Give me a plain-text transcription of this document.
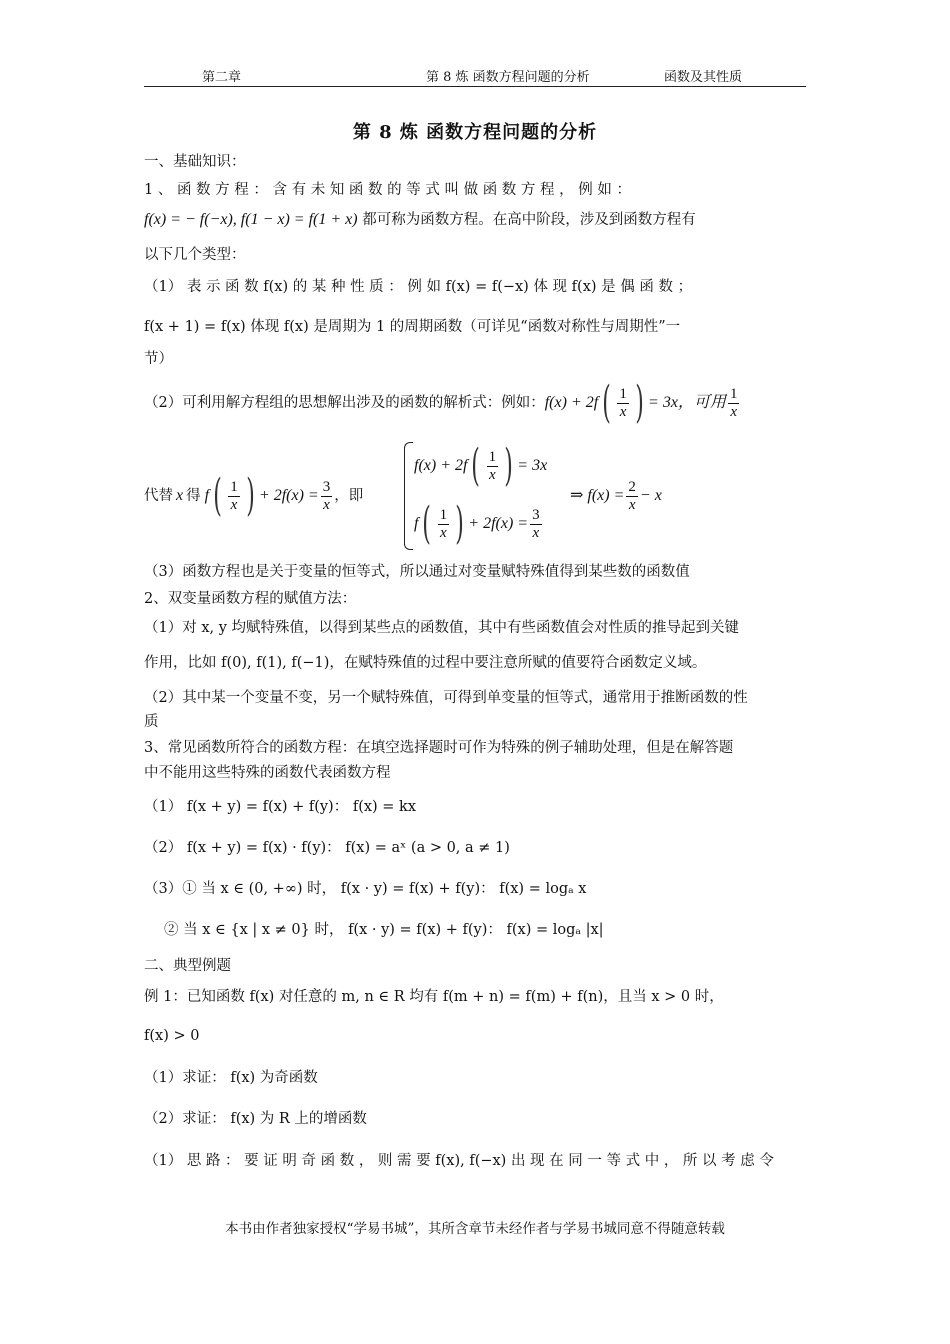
第二章	第 8 炼 函数方程问题的分析	函数及其性质
第 8 炼 函数方程问题的分析
一、基础知识：
1 、 函 数 方 程 ： 含 有 未 知 函 数 的 等 式 叫 做 函 数 方 程 ， 例 如 ：
f(x) = − f(−x), f(1 − x) = f(1 + x) 都可称为函数方程。在高中阶段，涉及到函数方程有
以下几个类型：
（1） 表 示 函 数 f(x) 的 某 种 性 质 ： 例 如 f(x) = f(−x) 体 现 f(x) 是 偶 函 数 ；
f(x + 1) = f(x) 体现 f(x) 是周期为 1 的周期函数（可详见“函数对称性与周期性”一
节）
（2）可利用解方程组的思想解出涉及的函数的解析式：例如： f(x) + 2f ( $\frac{1}{x}$ ) = 3x，可用 $\frac{1}{x}$
代替 x 得 f ( $\frac{1}{x}$ ) + $2f(x) = \frac{3}{x}$ ，即
f(x) + 2f ( $\frac{1}{x}$ ) = 3x
f ( $\frac{1}{x}$ ) + $2f(x) = \frac{3}{x}$
⇒ $f(x) = \frac{2}{x} - x$
（3）函数方程也是关于变量的恒等式，所以通过对变量赋特殊值得到某些数的函数值
2、双变量函数方程的赋值方法：
（1）对 x, y 均赋特殊值，以得到某些点的函数值，其中有些函数值会对性质的推导起到关键
作用，比如 f(0), f(1), f(−1)，在赋特殊值的过程中要注意所赋的值要符合函数定义域。
（2）其中某一个变量不变，另一个赋特殊值，可得到单变量的恒等式，通常用于推断函数的性
质
3、常见函数所符合的函数方程：在填空选择题时可作为特殊的例子辅助处理，但是在解答题
中不能用这些特殊的函数代表函数方程
（1） f(x + y) = f(x) + f(y)： f(x) = kx
（2） f(x + y) = f(x) · f(y)： f(x) = aˣ (a > 0, a ≠ 1)
（3）① 当 x ∈ (0, +∞) 时， f(x · y) = f(x) + f(y)： f(x) = logₐ x
② 当 x ∈ {x | x ≠ 0} 时， f(x · y) = f(x) + f(y)： f(x) = logₐ |x|
二、典型例题
例 1：已知函数 f(x) 对任意的 m, n ∈ R 均有 f(m + n) = f(m) + f(n)，且当 x > 0 时，
f(x) > 0
（1）求证： f(x) 为奇函数
（2）求证： f(x) 为 R 上的增函数
（1） 思 路 ： 要 证 明 奇 函 数 ， 则 需 要 f(x), f(−x) 出 现 在 同 一 等 式 中 ， 所 以 考 虑 令
本书由作者独家授权“学易书城”，其所含章节未经作者与学易书城同意不得随意转载
